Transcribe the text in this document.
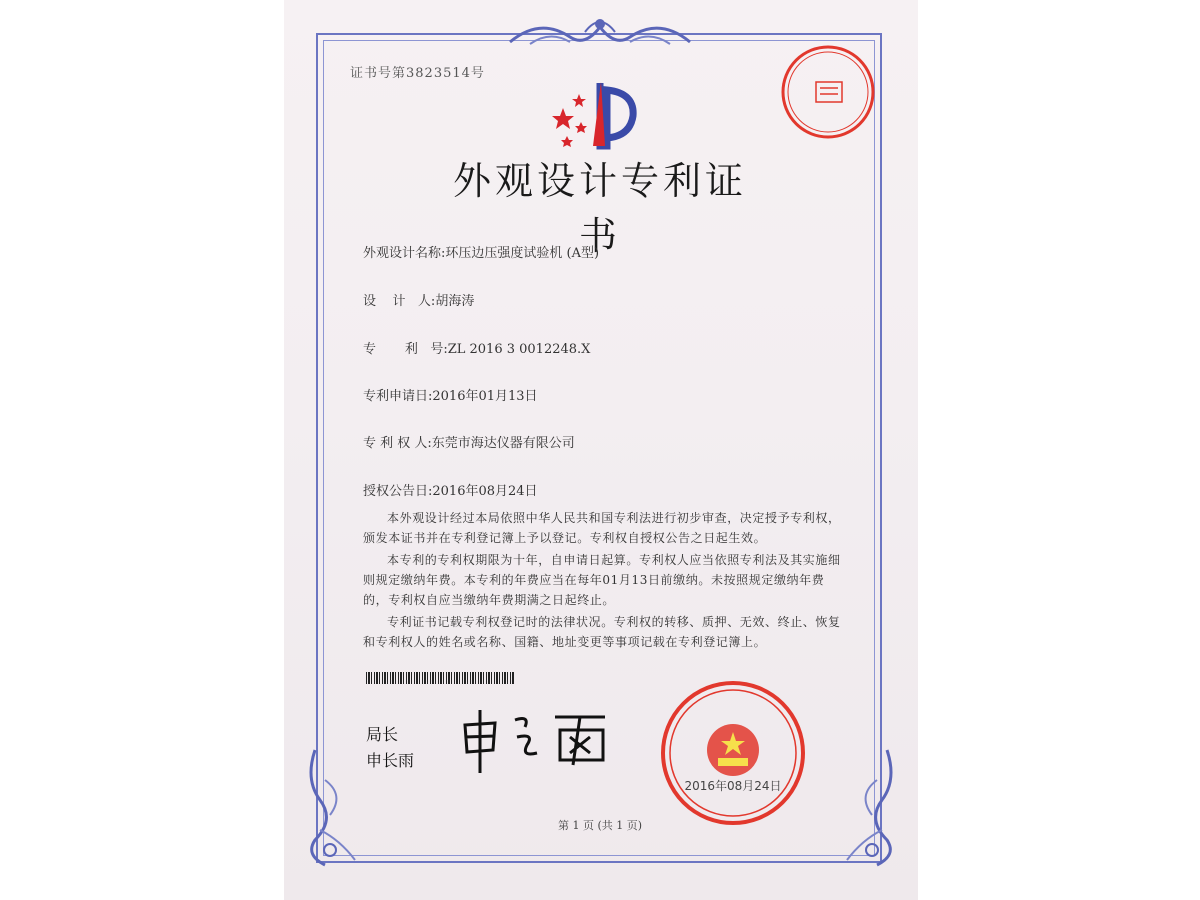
证书号第3823514号
外观设计专利证书
外观设计名称:环压边压强度试验机 (A型)
设    计   人:胡海涛
专       利   号:ZL 2016 3 0012248.X
专利申请日:2016年01月13日
专 利 权 人:东莞市海达仪器有限公司
授权公告日:2016年08月24日

本外观设计经过本局依照中华人民共和国专利法进行初步审查，决定授予专利权，颁发本证书并在专利登记簿上予以登记。专利权自授权公告之日起生效。

本专利的专利权期限为十年，自申请日起算。专利权人应当依照专利法及其实施细则规定缴纳年费。本专利的年费应当在每年01月13日前缴纳。未按照规定缴纳年费的，专利权自应当缴纳年费期满之日起终止。

专利证书记载专利权登记时的法律状况。专利权的转移、质押、无效、终止、恢复和专利权人的姓名或名称、国籍、地址变更等事项记载在专利登记簿上。

局长
申长雨
2016年08月24日
第 1 页 (共 1 页)
